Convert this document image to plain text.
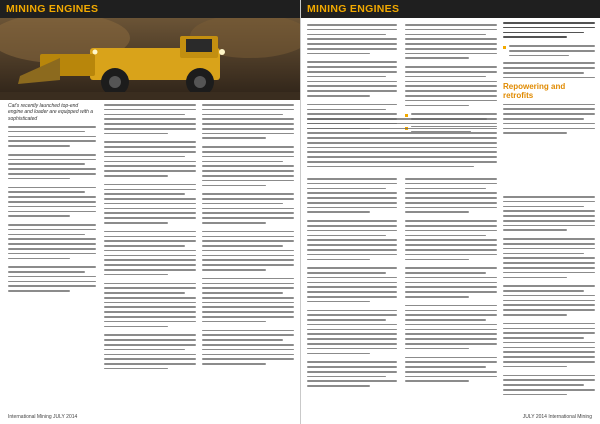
MINING ENGINES
Cat's recently launched top-end engine and loader are equipped with a sophisticated
International Mining JULY 2014
MINING ENGINES
Repowering and retrofits
JULY 2014 International Mining
